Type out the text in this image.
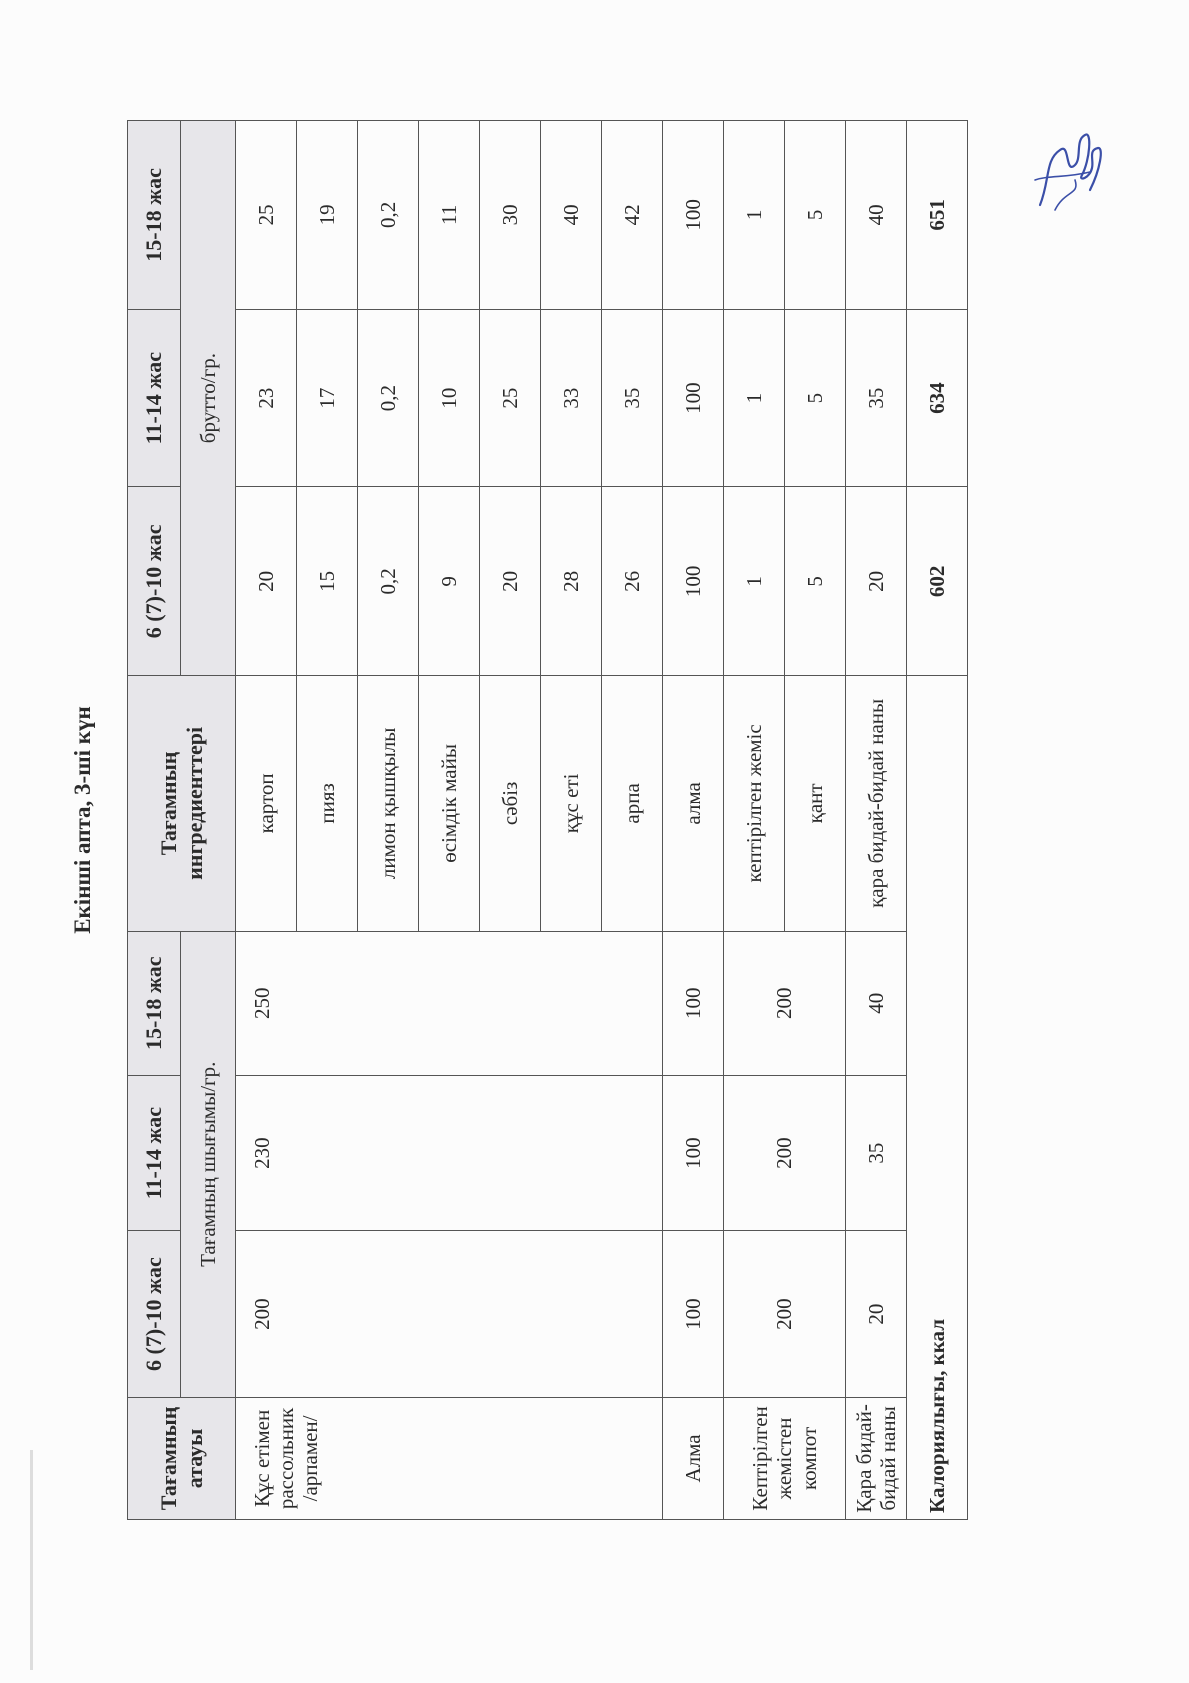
Екінші апта, 3-ші күн
Тағамның атауы	6 (7)-10 жас	11-14 жас	15-18 жас	Тағамның ингредиенттері	6 (7)-10 жас	11-14 жас	15-18 жас
	Тағамның шығымы/гр.				брутто/гр.		
Құс етімен рассольник /арпамен/	200	230	250	картоп	20	23	25
				пияз	15	17	19
				лимон қышқылы	0,2	0,2	0,2
				өсімдік майы	9	10	11
				сәбіз	20	25	30
				құс еті	28	33	40
				арпа	26	35	42
Алма	100	100	100	алма	100	100	100
Кептірілген жемістен компот	200	200	200	кептірілген жеміс	1	1	1
				қант	5	5	5
Қара бидай-бидай наны	20	35	40	қара бидай-бидай наны	20	35	40
Калориялығы, ккал					602	634	651
